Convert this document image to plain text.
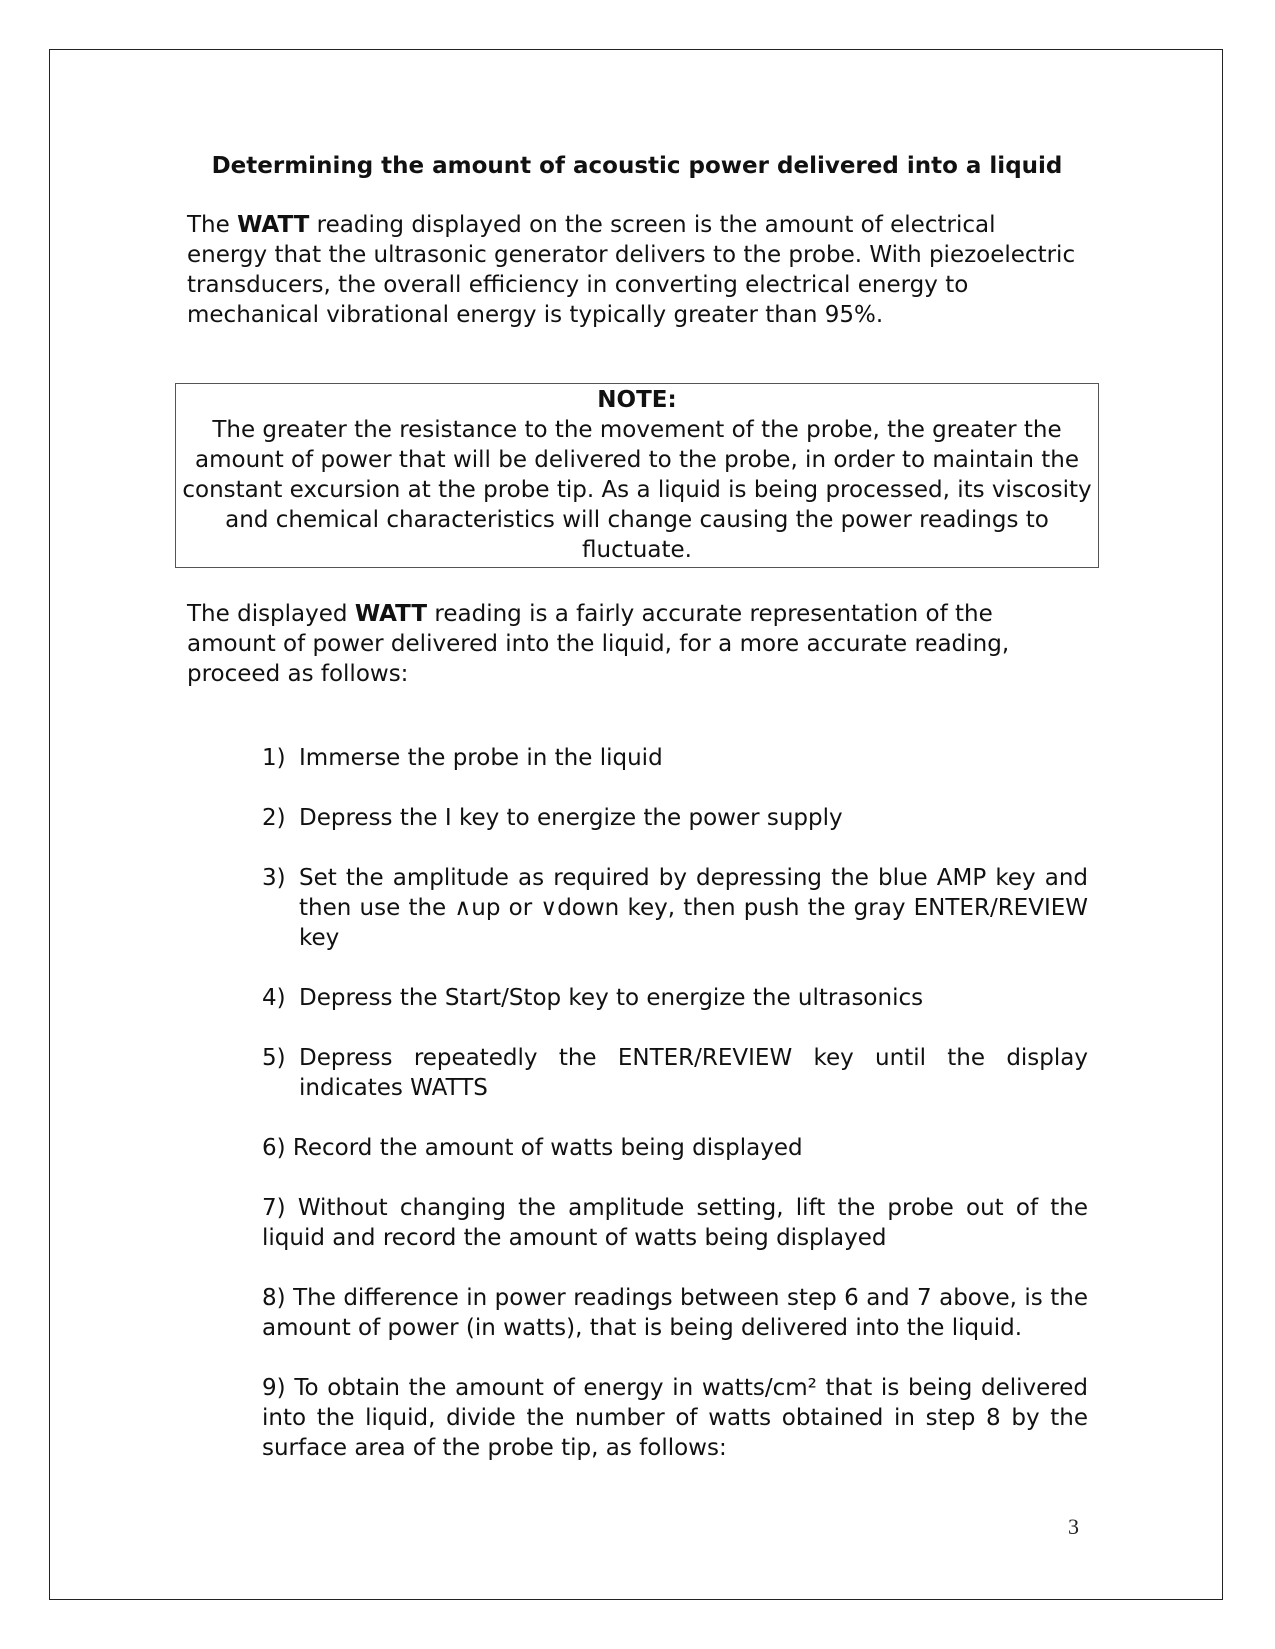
Determining the amount of acoustic power delivered into a liquid

The WATT reading displayed on the screen is the amount of electrical energy that the ultrasonic generator delivers to the probe. With piezoelectric transducers, the overall efficiency in converting electrical energy to mechanical vibrational energy is typically greater than 95%.

NOTE:
The greater the resistance to the movement of the probe, the greater the amount of power that will be delivered to the probe, in order to maintain the constant excursion at the probe tip. As a liquid is being processed, its viscosity and chemical characteristics will change causing the power readings to fluctuate.

The displayed WATT reading is a fairly accurate representation of the amount of power delivered into the liquid, for a more accurate reading, proceed as follows:

1) Immerse the probe in the liquid
2) Depress the I key to energize the power supply
3) Set the amplitude as required by depressing the blue AMP key and then use the ∧up or ∨down key, then push the gray ENTER/REVIEW key
4) Depress the Start/Stop key to energize the ultrasonics
5) Depress repeatedly the ENTER/REVIEW key until the display indicates WATTS
6) Record the amount of watts being displayed
7) Without changing the amplitude setting, lift the probe out of the liquid and record the amount of watts being displayed
8) The difference in power readings between step 6 and 7 above, is the amount of power (in watts), that is being delivered into the liquid.
9) To obtain the amount of energy in watts/cm² that is being delivered into the liquid, divide the number of watts obtained in step 8 by the surface area of the probe tip, as follows:
3
